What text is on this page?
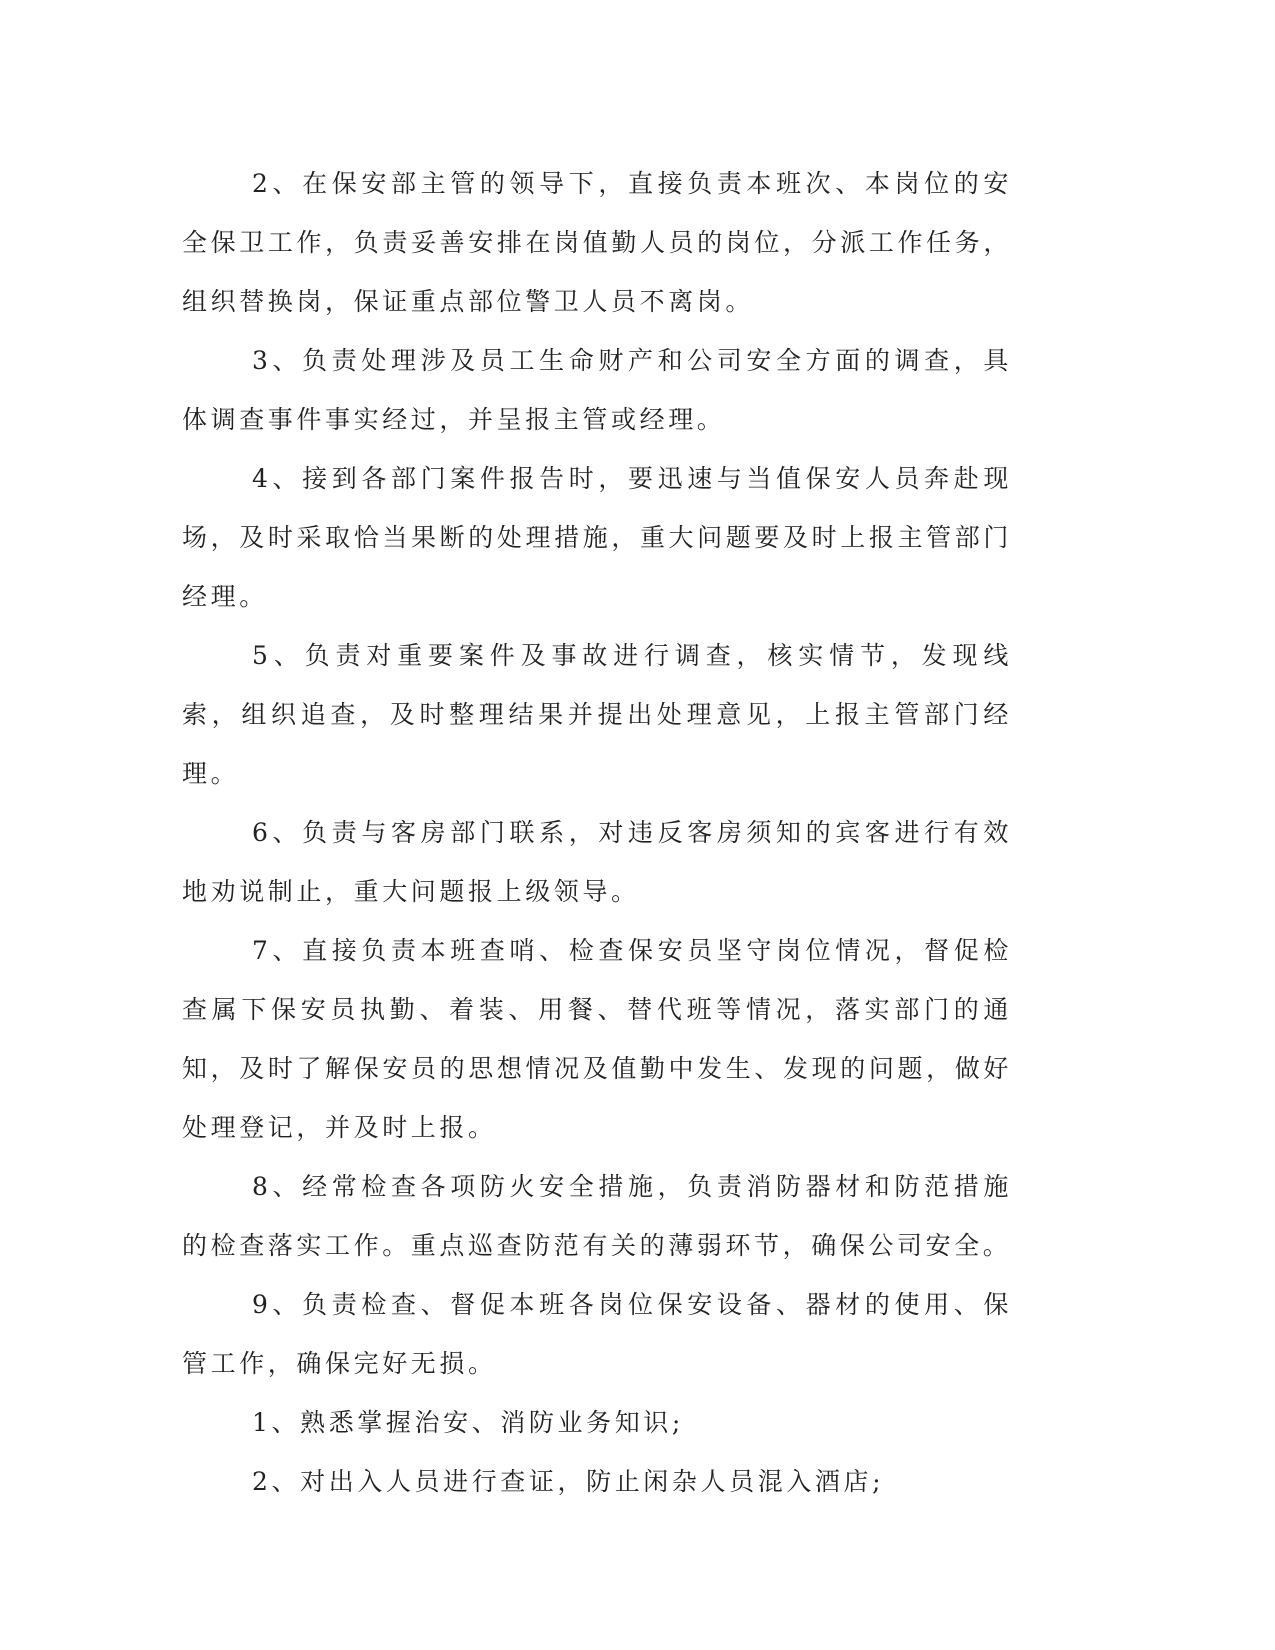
2、在保安部主管的领导下，直接负责本班次、本岗位的安全保卫工作，负责妥善安排在岗值勤人员的岗位，分派工作任务，组织替换岗，保证重点部位警卫人员不离岗。

3、负责处理涉及员工生命财产和公司安全方面的调查，具体调查事件事实经过，并呈报主管或经理。

4、接到各部门案件报告时，要迅速与当值保安人员奔赴现场，及时采取恰当果断的处理措施，重大问题要及时上报主管部门经理。

5、负责对重要案件及事故进行调查，核实情节，发现线索，组织追查，及时整理结果并提出处理意见，上报主管部门经理。

6、负责与客房部门联系，对违反客房须知的宾客进行有效地劝说制止，重大问题报上级领导。

7、直接负责本班查哨、检查保安员坚守岗位情况，督促检查属下保安员执勤、着装、用餐、替代班等情况，落实部门的通知，及时了解保安员的思想情况及值勤中发生、发现的问题，做好处理登记，并及时上报。

8、经常检查各项防火安全措施，负责消防器材和防范措施的检查落实工作。重点巡查防范有关的薄弱环节，确保公司安全。

9、负责检查、督促本班各岗位保安设备、器材的使用、保管工作，确保完好无损。

1、熟悉掌握治安、消防业务知识;

2、对出入人员进行查证，防止闲杂人员混入酒店;
